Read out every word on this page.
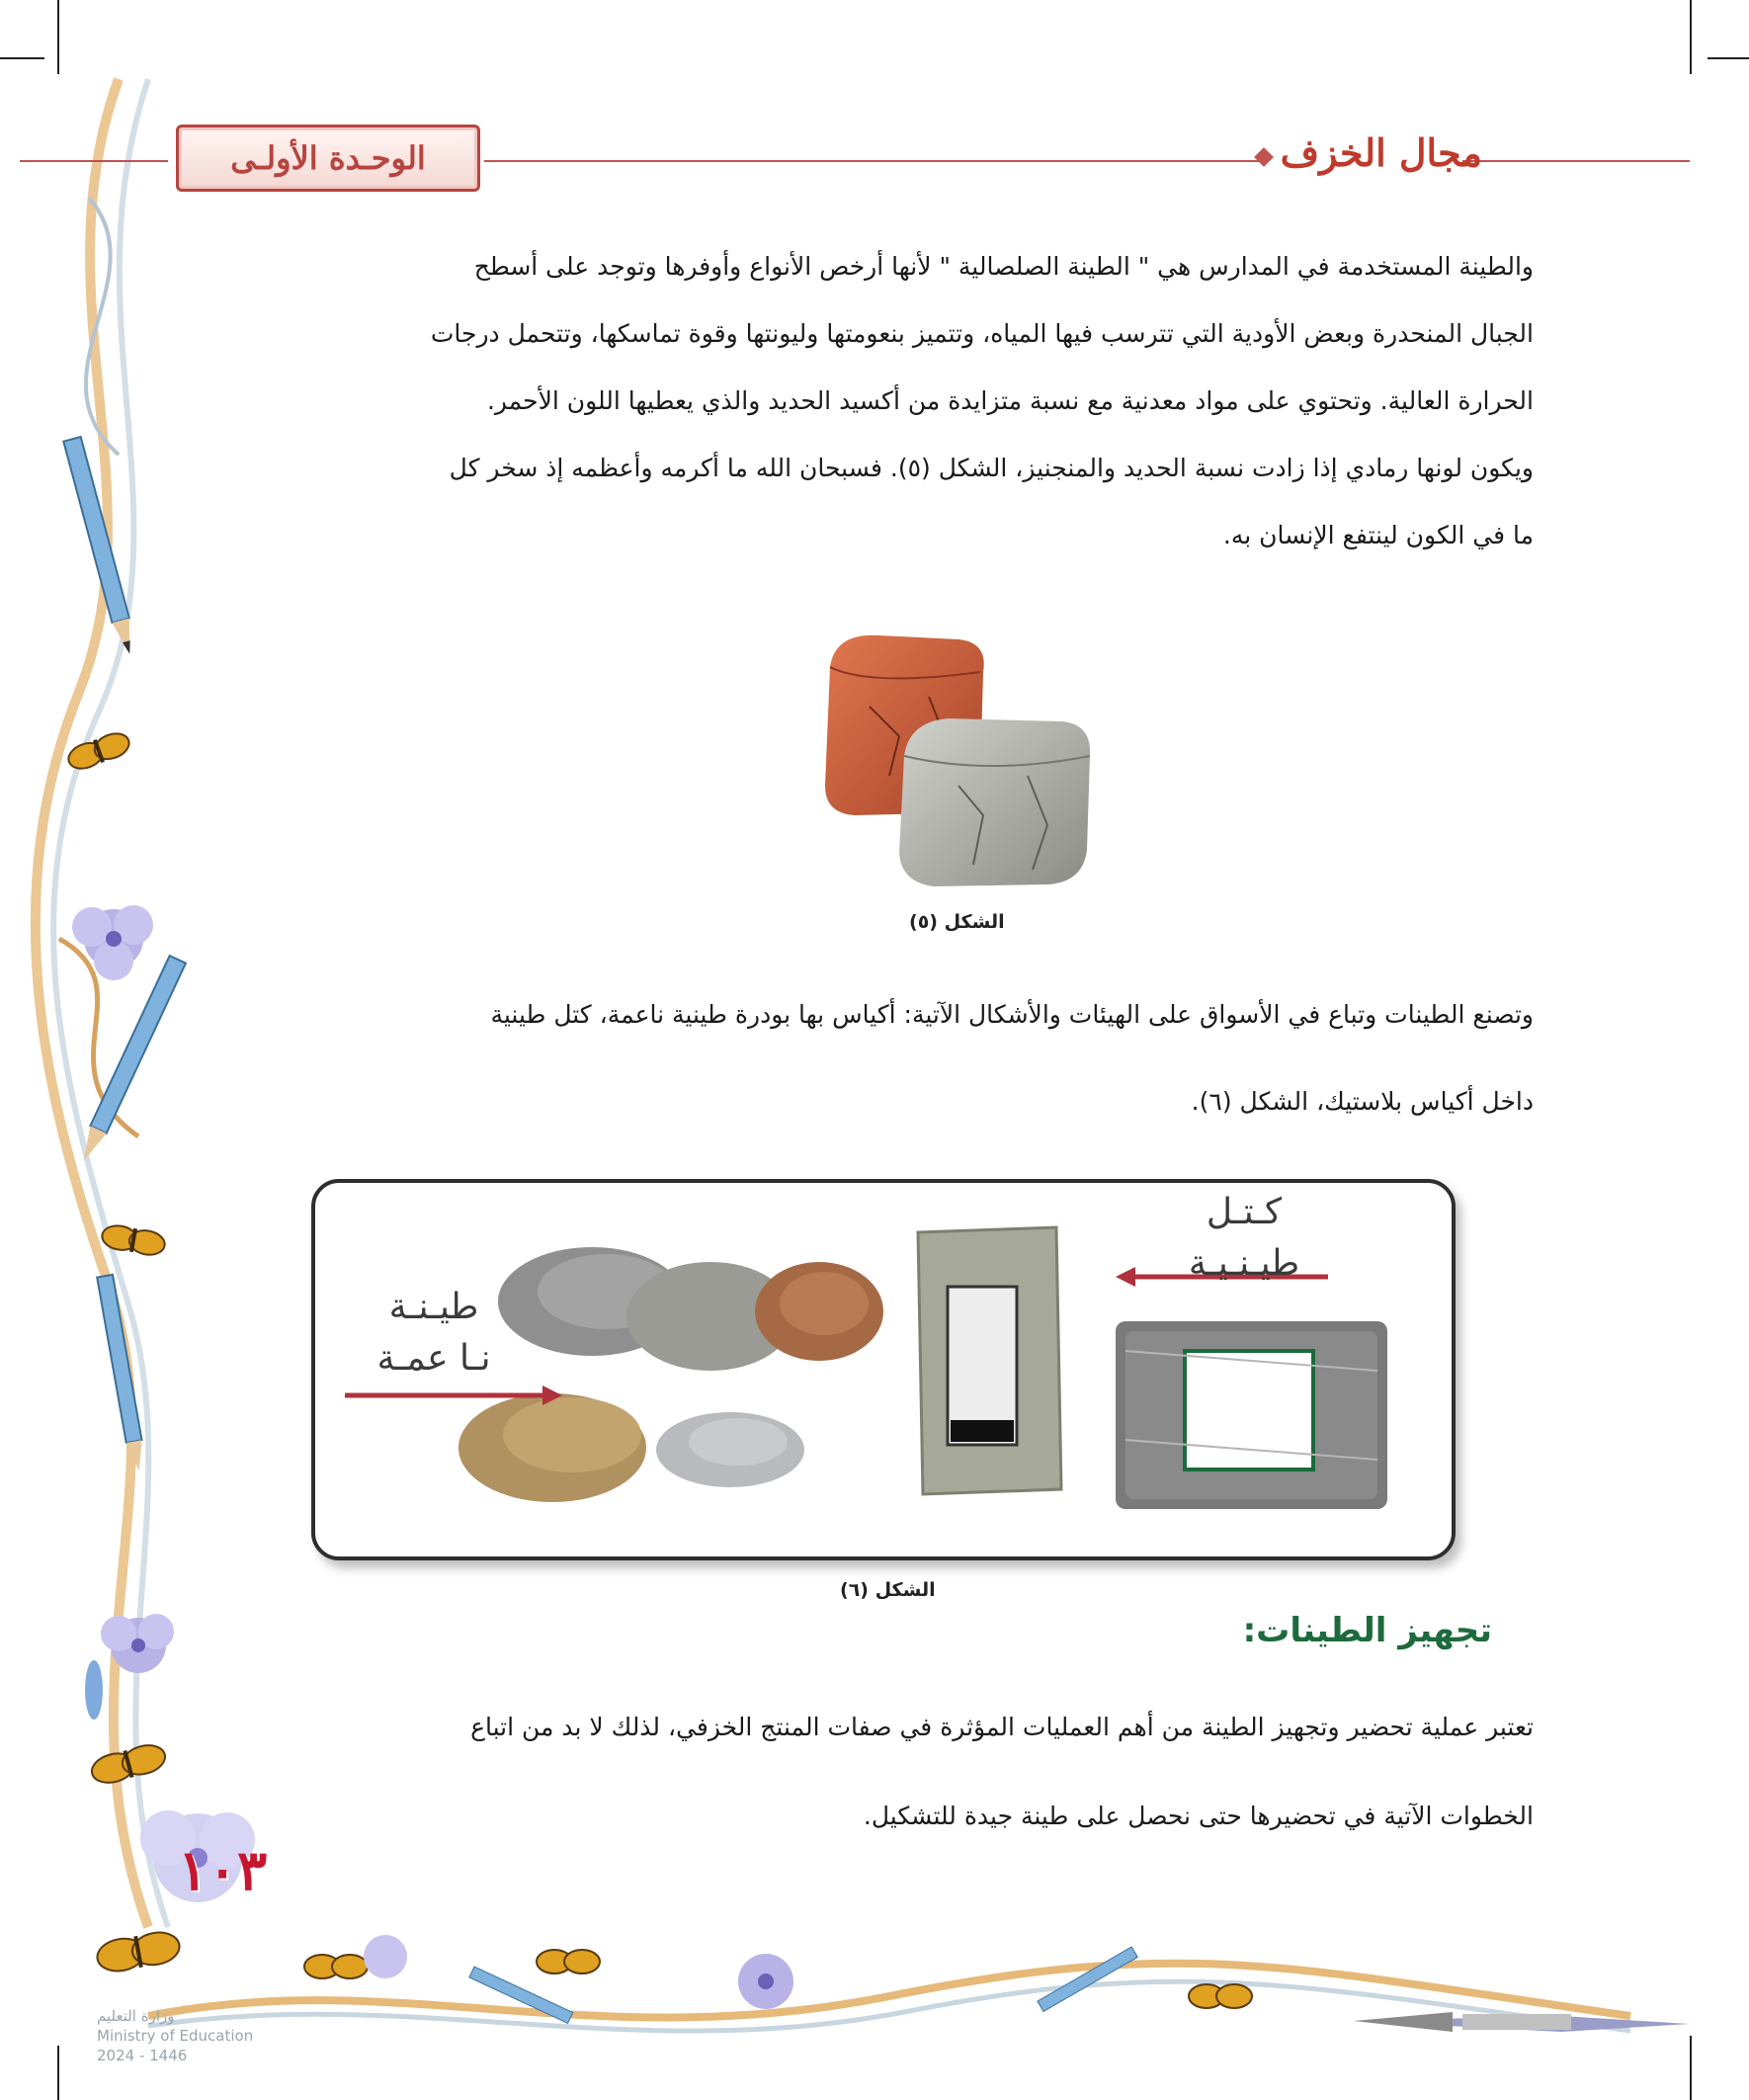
الوحـدة الأولـى	مجال الخزف
والطينة المستخدمة في المدارس هي " الطينة الصلصالية " لأنها أرخص الأنواع وأوفرها وتوجد على أسطح
الجبال المنحدرة وبعض الأودية التي تترسب فيها المياه، وتتميز بنعومتها وليونتها وقوة تماسكها، وتتحمل درجات
الحرارة العالية. وتحتوي على مواد معدنية مع نسبة متزايدة من أكسيد الحديد والذي يعطيها اللون الأحمر.
ويكون لونها رمادي إذا زادت نسبة الحديد والمنجنيز، الشكل (٥). فسبحان الله ما أكرمه وأعظمه إذ سخر كل
ما في الكون لينتفع الإنسان به.
الشكل (٥)
وتصنع الطينات وتباع في الأسواق على الهيئات والأشكال الآتية: أكياس بها بودرة طينية ناعمة، كتل طينية
داخل أكياس بلاستيك، الشكل (٦).
كـتـل
طيـنـيـة
طيـنـة
نـا عمـة
الشكل (٦)
تجهيز الطينات:
تعتبر عملية تحضير وتجهيز الطينة من أهم العمليات المؤثرة في صفات المنتج الخزفي، لذلك لا بد من اتباع
الخطوات الآتية في تحضيرها حتى نحصل على طينة جيدة للتشكيل.
١٠٣
وزارة التعليم
Ministry of Education
2024 - 1446
